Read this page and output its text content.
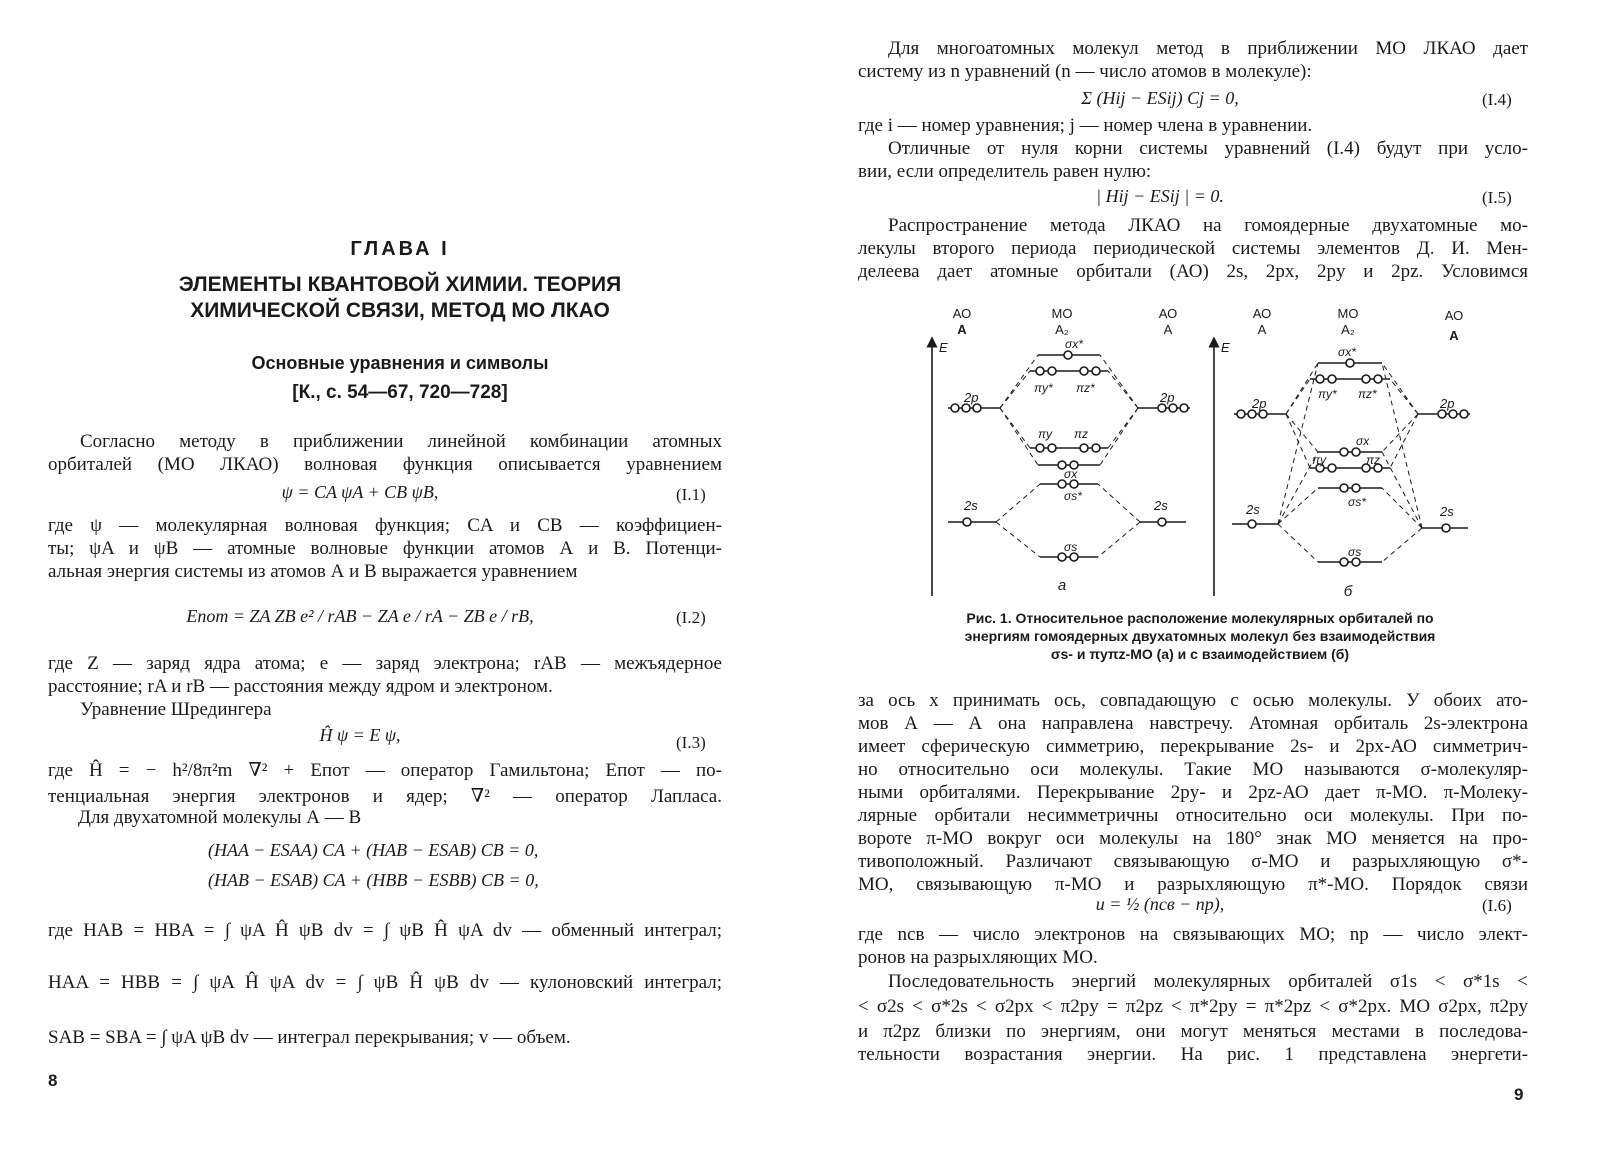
ГЛАВА I
ЭЛЕМЕНТЫ КВАНТОВОЙ ХИМИИ. ТЕОРИЯ
ХИМИЧЕСКОЙ СВЯЗИ, МЕТОД МО ЛКАО
Основные уравнения и символы
[К., с. 54—67, 720—728]
Согласно методу в приближении линейной комбинации атомных
орбиталей (МО ЛКАО) волновая функция описывается уравнением
ψ = CA ψA + CB ψB,	(I.1)
где ψ — молекулярная волновая функция; CA и CB — коэффициен-
ты; ψA и ψB — атомные волновые функции атомов А и В. Потенци-
альная энергия системы из атомов А и В выражается уравнением
Eпот = ZA ZB e² / rAB − ZA e / rA − ZB e / rB,	(I.2)
где Z — заряд ядра атома; e — заряд электрона; rAB — межъядерное
расстояние; rA и rB — расстояния между ядром и электроном.
Уравнение Шредингера
Ĥ ψ = E ψ,	(I.3)
где Ĥ = − h²/8π²m ∇² + Eпот — оператор Гамильтона; Eпот — по-
тенциальная энергия электронов и ядер; ∇² — оператор Лапласа.
Для двухатомной молекулы А — В
(HAA − ESAA) CA + (HAB − ESAB) CB = 0,
(HAB − ESAB) CA + (HBB − ESBB) CB = 0,
где HAB = HBA = ∫ ψA Ĥ ψB dv = ∫ ψB Ĥ ψA dv — обменный интеграл;
HAA = HBB = ∫ ψA Ĥ ψA dv = ∫ ψB Ĥ ψB dv — кулоновский интеграл;
SAB = SBA = ∫ ψA ψB dv — интеграл перекрывания; v — объем.
8
Для многоатомных молекул метод в приближении МО ЛКАО дает
систему из n уравнений (n — число атомов в молекуле):
Σ (Hij − ESij) Cj = 0,	(I.4)
где i — номер уравнения; j — номер члена в уравнении.
Отличные от нуля корни системы уравнений (I.4) будут при усло-
вии, если определитель равен нулю:
| Hij − ESij | = 0.	(I.5)
Распространение метода ЛКАО на гомоядерные двухатомные мо-
лекулы второго периода периодической системы элементов Д. И. Мен-
делеева дает атомные орбитали (АО) 2s, 2px, 2py и 2pz. Условимся
АО
А
МО
A₂
АО
А
E
2p	2p
2s	2s
σx*
πy* πz*
πy πz
σx
σs*
σs
а
АО
А
МО
A₂
АО
А
E
2p	2p
2s	2s
σx*
πy* πz*
σx
πy	πz
σs*
σs
б
Рис. 1. Относительное расположение молекулярных орбиталей по
энергиям гомоядерных двухатомных молекул без взаимодействия
σs- и πyπz-МО (а) и с взаимодействием (б)
за ось x принимать ось, совпадающую с осью молекулы. У обоих ато-
мов А — А она направлена навстречу. Атомная орбиталь 2s-электрона
имеет сферическую симметрию, перекрывание 2s- и 2px-АО симметрич-
но относительно оси молекулы. Такие МО называются σ-молекуляр-
ными орбиталями. Перекрывание 2py- и 2pz-АО дает π-МО. π-Молеку-
лярные орбитали несимметричны относительно оси молекулы. При по-
вороте π-МО вокруг оси молекулы на 180° знак МО меняется на про-
тивоположный. Различают связывающую σ-МО и разрыхляющую σ*-
МО, связывающую π-МО и разрыхляющую π*-МО. Порядок связи
u = ½ (nсв − nр),	(I.6)
где nсв — число электронов на связывающих МО; nр — число элект-
ронов на разрыхляющих МО.
Последовательность энергий молекулярных орбиталей σ1s < σ*1s <
< σ2s < σ*2s < σ2px < π2py = π2pz < π*2py = π*2pz < σ*2px. МО σ2px, π2py
и π2pz близки по энергиям, они могут меняться местами в последова-
тельности возрастания энергии. На рис. 1 представлена энергети-
9
